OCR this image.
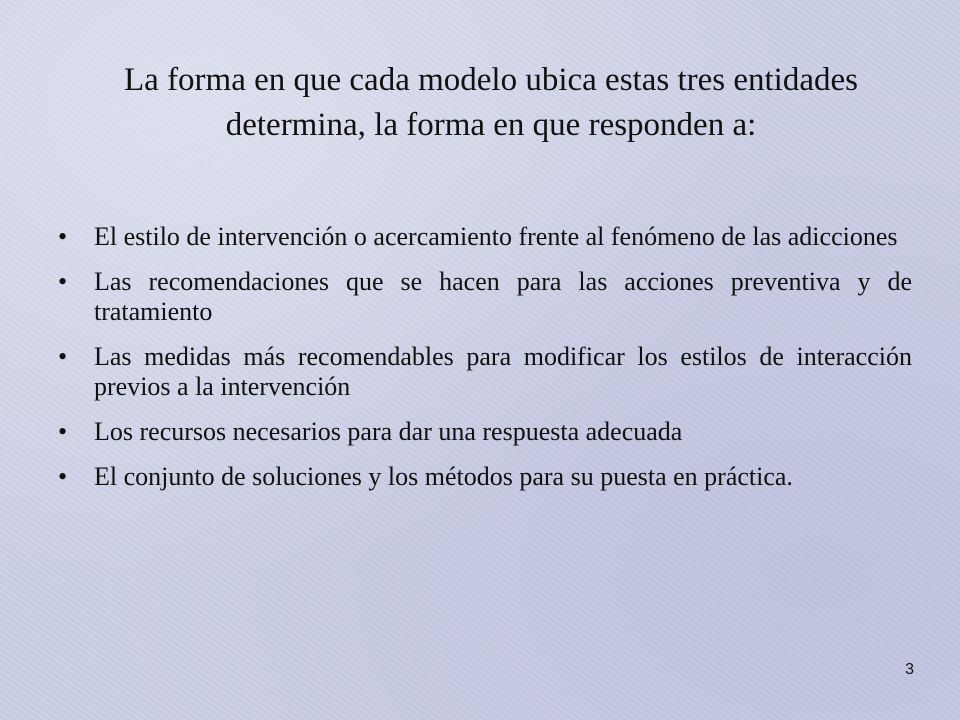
La forma en que cada modelo ubica estas tres entidades determina, la forma en que responden a:
• El estilo de intervención o acercamiento frente al fenómeno de las adicciones
• Las recomendaciones que se hacen para las acciones preventiva y de tratamiento
• Las medidas más recomendables para modificar los estilos de interacción previos a la intervención
• Los recursos necesarios para dar una respuesta adecuada
• El conjunto de soluciones y los métodos para su puesta en práctica.
3
